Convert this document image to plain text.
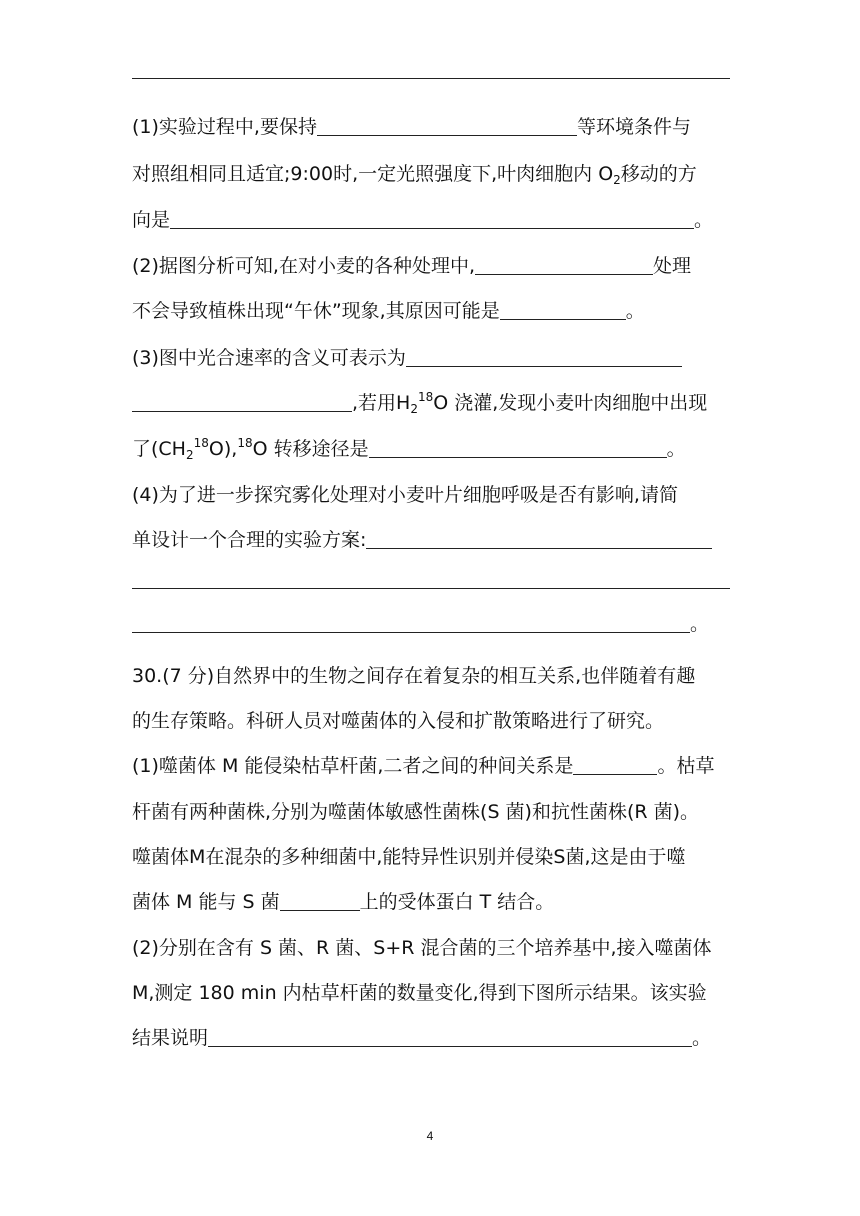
(1)实验过程中,要保持	等环境条件与
对照组相同且适宜;9:00时,一定光照强度下,叶肉细胞内 $O_2$移动的方
向是	。
(2)据图分析可知,在对小麦的各种处理中,	处理
不会导致植株出现“午休”现象,其原因可能是	。
(3)图中光合速率的含义可表示为
,若用$H_2^{18}O$ 浇灌,发现小麦叶肉细胞中出现
了$(CH_2^{18}O),^{18}O$ 转移途径是	。
(4)为了进一步探究雾化处理对小麦叶片细胞呼吸是否有影响,请简
单设计一个合理的实验方案:
。
30.(7 分)自然界中的生物之间存在着复杂的相互关系,也伴随着有趣
的生存策略。科研人员对噬菌体的入侵和扩散策略进行了研究。
(1)噬菌体 M 能侵染枯草杆菌,二者之间的种间关系是	。枯草
杆菌有两种菌株,分别为噬菌体敏感性菌株(S 菌)和抗性菌株(R 菌)。
噬菌体M在混杂的多种细菌中,能特异性识别并侵染S菌,这是由于噬
菌体 M 能与 S 菌	上的受体蛋白 T 结合。
(2)分别在含有 S 菌、R 菌、S+R 混合菌的三个培养基中,接入噬菌体
M,测定 180 min 内枯草杆菌的数量变化,得到下图所示结果。该实验
结果说明	。
4
